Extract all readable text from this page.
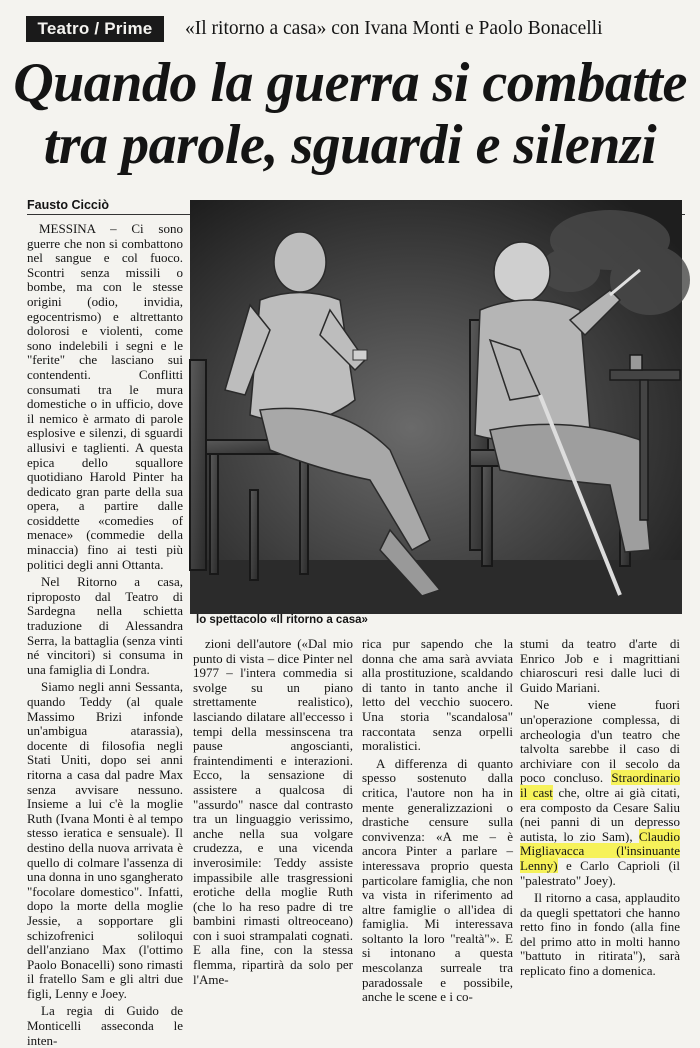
Teatro / Prime	«Il ritorno a casa» con Ivana Monti e Paolo Bonacelli
Quando la guerra si combatte
tra parole, sguardi e silenzi
Fausto Cicciò
lo spettacolo «Il ritorno a casa»

MESSINA – Ci sono guerre che non si combattono nel sangue e col fuoco. Scontri senza missili o bombe, ma con le stesse origini (odio, invidia, egocentrismo) e altrettanto dolorosi e violenti, come sono indelebili i segni e le "ferite" che lasciano sui contendenti. Conflitti consumati tra le mura domestiche o in ufficio, dove il nemico è armato di parole esplosive e silenzi, di sguardi allusivi e taglienti. A questa epica dello squallore quotidiano Harold Pinter ha dedicato gran parte della sua opera, a partire dalle cosiddette «comedies of menace» (commedie della minaccia) fino ai testi più politici degli anni Ottanta.

Nel Ritorno a casa, riproposto dal Teatro di Sardegna nella schietta traduzione di Alessandra Serra, la battaglia (senza vinti né vincitori) si consuma in una famiglia di Londra.

Siamo negli anni Sessanta, quando Teddy (al quale Massimo Brizi infonde un'ambigua atarassia), docente di filosofia negli Stati Uniti, dopo sei anni ritorna a casa dal padre Max senza avvisare nessuno. Insieme a lui c'è la moglie Ruth (Ivana Monti è al tempo stesso ieratica e sensuale). Il destino della nuova arrivata è quello di colmare l'assenza di una donna in uno sgangherato "focolare domestico". Infatti, dopo la morte della moglie Jessie, a sopportare gli schizofrenici soliloqui dell'anziano Max (l'ottimo Paolo Bonacelli) sono rimasti il fratello Sam e gli altri due figli, Lenny e Joey.

La regia di Guido de Monticelli asseconda le inten-

zioni dell'autore («Dal mio punto di vista – dice Pinter nel 1977 – l'intera commedia si svolge su un piano strettamente realistico), lasciando dilatare all'eccesso i tempi della messinscena tra pause angoscianti, fraintendimenti e interazioni. Ecco, la sensazione di assistere a qualcosa di "assurdo" nasce dal contrasto tra un linguaggio verissimo, anche nella sua volgare crudezza, e una vicenda inverosimile: Teddy assiste impassibile alle trasgressioni erotiche della moglie Ruth (che lo ha reso padre di tre bambini rimasti oltreoceano) con i suoi strampalati cognati. E alla fine, con la stessa flemma, ripartirà da solo per l'Ame-

rica pur sapendo che la donna che ama sarà avviata alla prostituzione, scaldando di tanto in tanto anche il letto del vecchio suocero. Una storia "scandalosa" raccontata senza orpelli moralistici.

A differenza di quanto spesso sostenuto dalla critica, l'autore non ha in mente generalizzazioni o drastiche censure sulla convivenza: «A me – è ancora Pinter a parlare – interessava proprio questa particolare famiglia, che non va vista in riferimento ad altre famiglie o all'idea di famiglia. Mi interessava soltanto la loro "realtà"». E si intonano a questa mescolanza surreale tra paradossale e possibile, anche le scene e i co-

stumi da teatro d'arte di Enrico Job e i magrittiani chiaroscuri resi dalle luci di Guido Mariani.

Ne viene fuori un'operazione complessa, di archeologia d'un teatro che talvolta sarebbe il caso di archiviare con il secolo da poco concluso. Straordinario il cast che, oltre ai già citati, era composto da Cesare Saliu (nei panni di un depresso autista, lo zio Sam), Claudio Migliavacca (l'insinuante Lenny) e Carlo Caprioli (il "palestrato" Joey).

Il ritorno a casa, applaudito da quegli spettatori che hanno retto fino in fondo (alla fine del primo atto in molti hanno "battuto in ritirata"), sarà replicato fino a domenica.
